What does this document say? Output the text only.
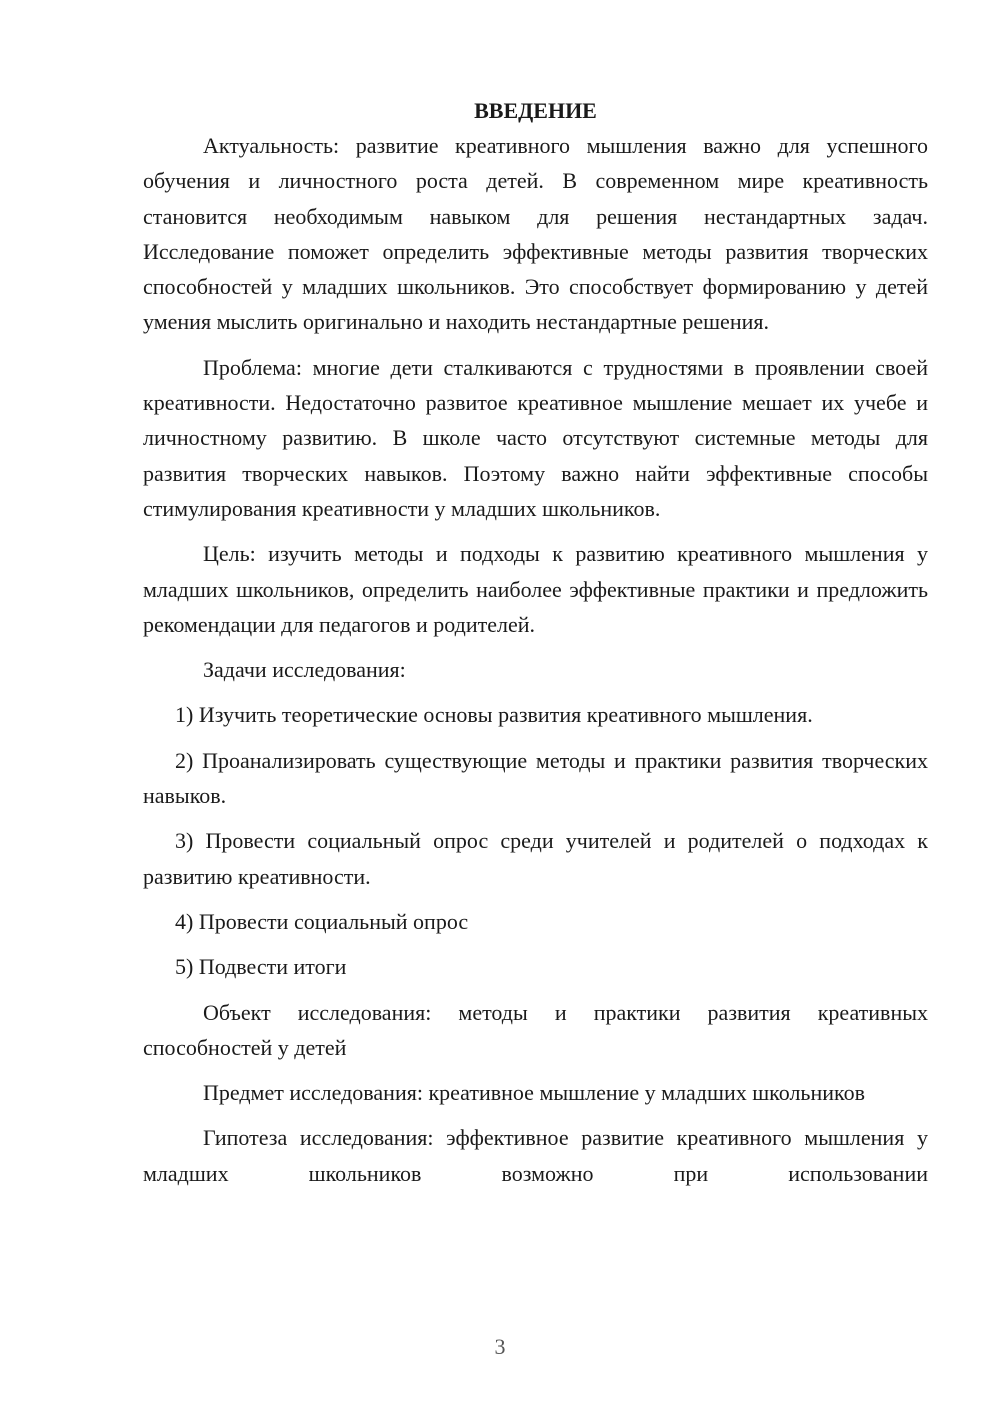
ВВЕДЕНИЕ

Актуальность: развитие креативного мышления важно для успешного обучения и личностного роста детей. В современном мире креативность становится необходимым навыком для решения нестандартных задач. Исследование поможет определить эффективные методы развития творческих способностей у младших школьников. Это способствует формированию у детей умения мыслить оригинально и находить нестандартные решения.

Проблема: многие дети сталкиваются с трудностями в проявлении своей креативности. Недостаточно развитое креативное мышление мешает их учебе и личностному развитию. В школе часто отсутствуют системные методы для развития творческих навыков. Поэтому важно найти эффективные способы стимулирования креативности у младших школьников.

Цель: изучить методы и подходы к развитию креативного мышления у младших школьников, определить наиболее эффективные практики и предложить рекомендации для педагогов и родителей.

Задачи исследования:

1) Изучить теоретические основы развития креативного мышления.

2) Проанализировать существующие методы и практики развития творческих навыков.

3) Провести социальный опрос среди учителей и родителей о подходах к развитию креативности.

4) Провести социальный опрос

5) Подвести итоги

Объект исследования: методы и практики развития креативных способностей у детей

Предмет исследования: креативное мышление у младших школьников

Гипотеза исследования: эффективное развитие креативного мышления у младших школьников возможно при использовании

3
